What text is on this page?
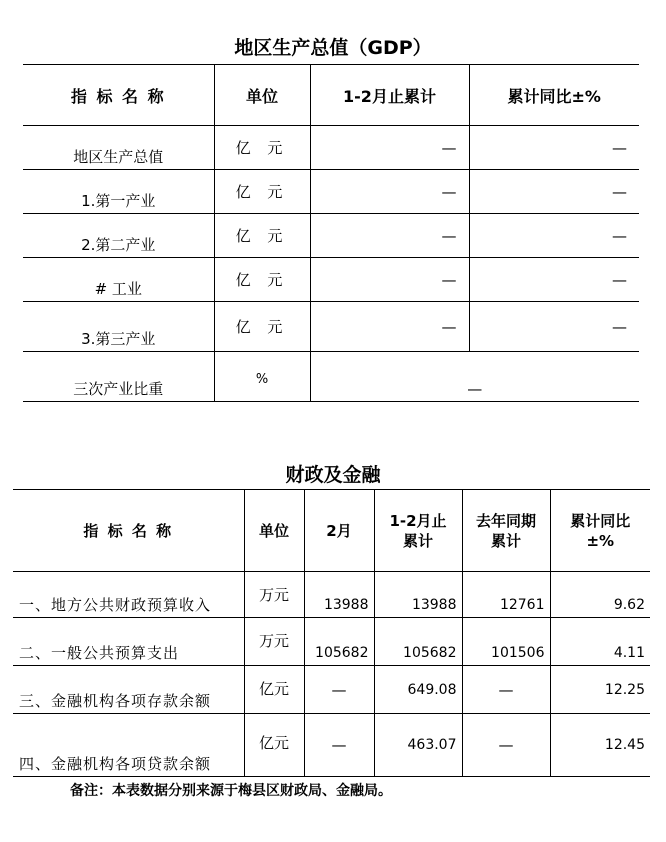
地区生产总值（GDP）
指 标 名 称	单位	1-2月止累计	累计同比±%
地区生产总值	亿 元	—	—
1.第一产业	亿 元	—	—
2.第二产业	亿 元	—	—
# 工业	亿 元	—	—
3.第三产业	亿 元	—	—
三次产业比重	%	—	
财政及金融
指 标 名 称	单位	2月	1-2月止累计	去年同期累计	累计同比±%
一、地方公共财政预算收入	万元	13988	13988	12761	9.62
二、一般公共预算支出	万元	105682	105682	101506	4.11
三、金融机构各项存款余额	亿元	—	649.08	—	12.25
四、金融机构各项贷款余额	亿元	—	463.07	—	12.45
备注：本表数据分别来源于梅县区财政局、金融局。
